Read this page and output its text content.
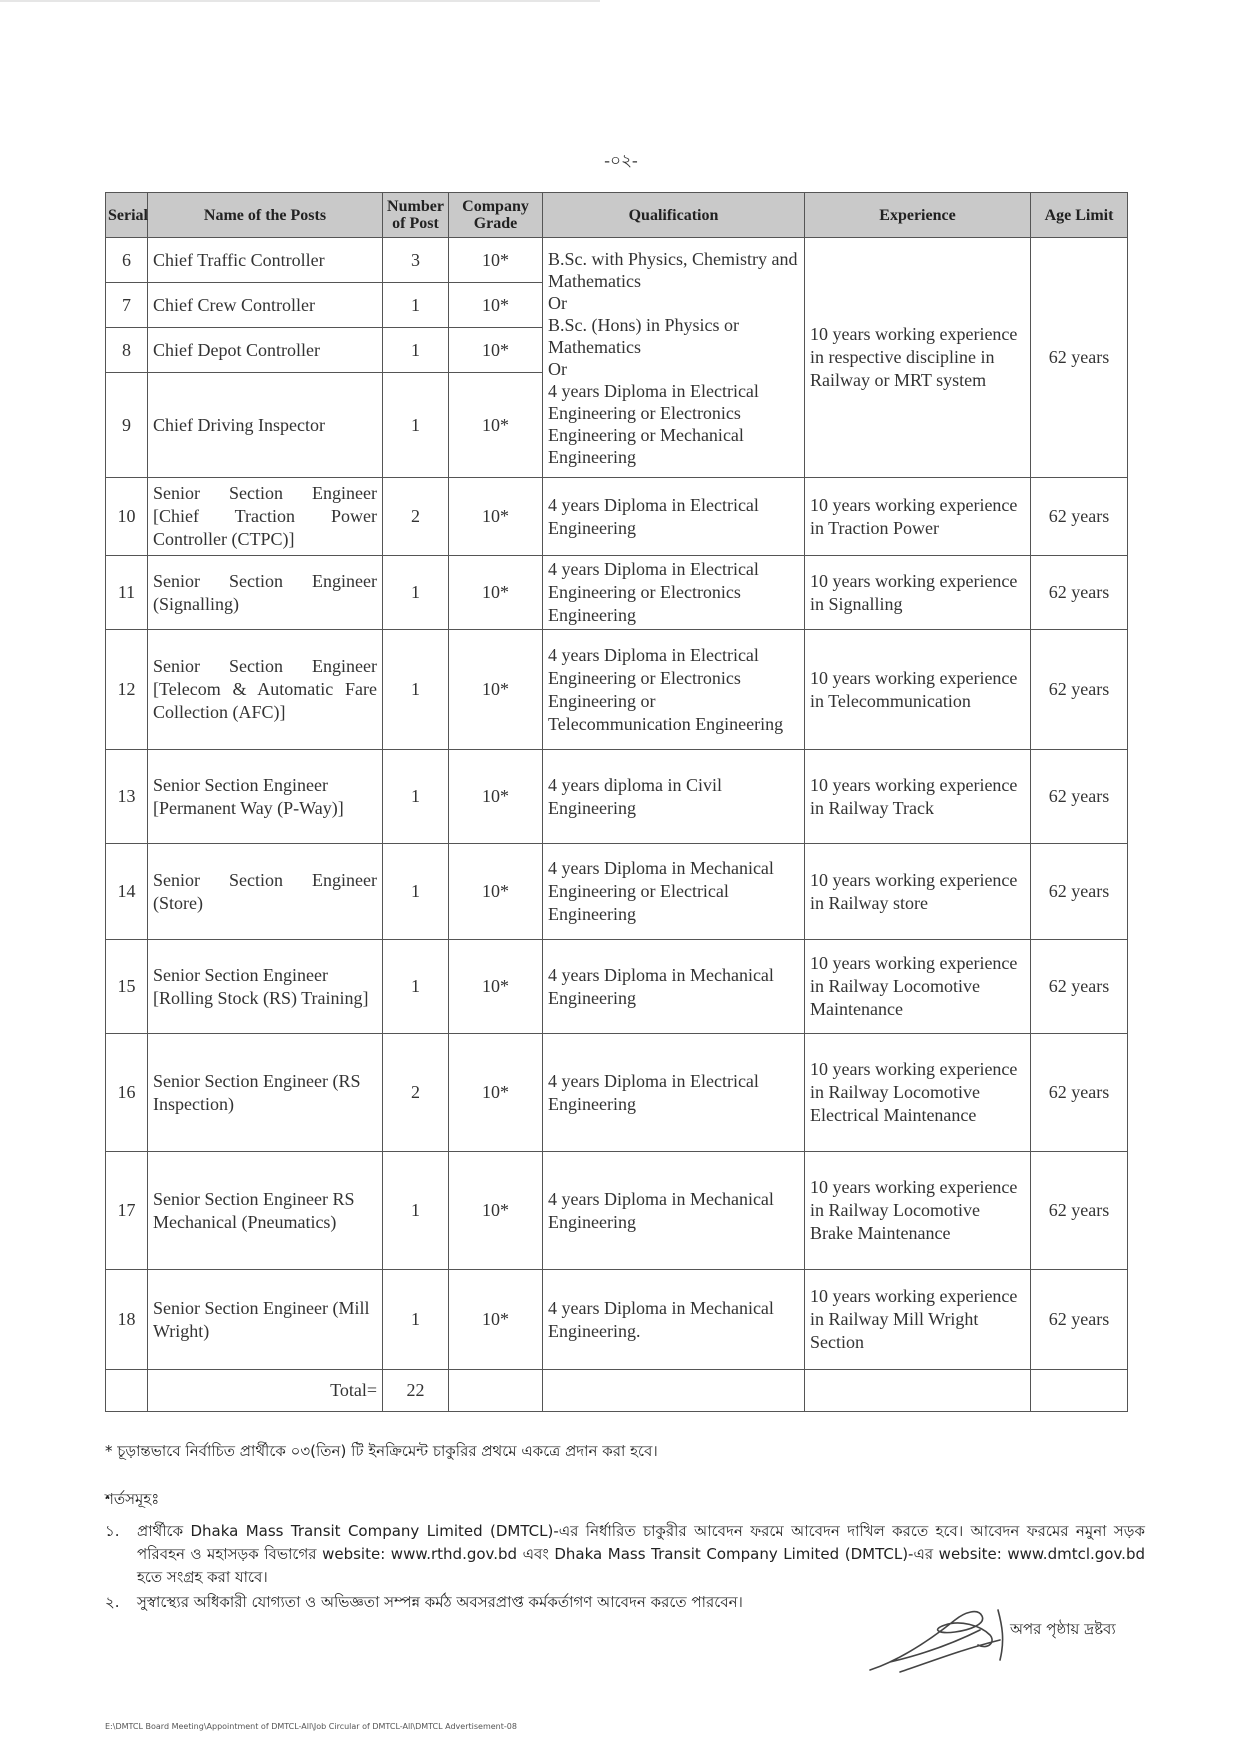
-০২-
Serial	Name of the Posts	Number of Post	Company Grade	Qualification	Experience	Age Limit
6	Chief Traffic Controller	3	10*	B.Sc. with Physics, Chemistry and Mathematics
Or
B.Sc. (Hons) in Physics or Mathematics
Or
4 years Diploma in Electrical Engineering or Electronics Engineering or Mechanical Engineering	10 years working experience in respective discipline in Railway or MRT system	62 years
7	Chief Crew Controller	1	10*			
8	Chief Depot Controller	1	10*			
9	Chief Driving Inspector	1	10*			
10	Senior Section Engineer [Chief Traction Power Controller (CTPC)]	2	10*	4 years Diploma in Electrical Engineering	10 years working experience in Traction Power	62 years
11	Senior Section Engineer (Signalling)	1	10*	4 years Diploma in Electrical Engineering or Electronics Engineering	10 years working experience in Signalling	62 years
12	Senior Section Engineer [Telecom & Automatic Fare Collection (AFC)]	1	10*	4 years Diploma in Electrical Engineering or Electronics Engineering or Telecommunication Engineering	10 years working experience in Telecommunication	62 years
13	Senior Section Engineer [Permanent Way (P-Way)]	1	10*	4 years diploma in Civil Engineering	10 years working experience in Railway Track	62 years
14	Senior Section Engineer (Store)	1	10*	4 years Diploma in Mechanical Engineering or Electrical Engineering	10 years working experience in Railway store	62 years
15	Senior Section Engineer [Rolling Stock (RS) Training]	1	10*	4 years Diploma in Mechanical Engineering	10 years working experience in Railway Locomotive Maintenance	62 years
16	Senior Section Engineer (RS Inspection)	2	10*	4 years Diploma in Electrical Engineering	10 years working experience in Railway Locomotive Electrical Maintenance	62 years
17	Senior Section Engineer RS Mechanical (Pneumatics)	1	10*	4 years Diploma in Mechanical Engineering	10 years working experience in Railway Locomotive Brake Maintenance	62 years
18	Senior Section Engineer (Mill Wright)	1	10*	4 years Diploma in Mechanical Engineering.	10 years working experience in Railway Mill Wright Section	62 years
	Total=	22				
* চূড়ান্তভাবে নির্বাচিত প্রার্থীকে ০৩(তিন) টি ইনক্রিমেন্ট চাকুরির প্রথমে একত্রে প্রদান করা হবে।
শর্তসমূহঃ
১.	প্রার্থীকে Dhaka Mass Transit Company Limited (DMTCL)-এর নির্ধারিত চাকুরীর আবেদন ফরমে আবেদন দাখিল করতে হবে। আবেদন ফরমের নমুনা সড়ক পরিবহন ও মহাসড়ক বিভাগের website: www.rthd.gov.bd এবং Dhaka Mass Transit Company Limited (DMTCL)-এর website: www.dmtcl.gov.bd হতে সংগ্রহ করা যাবে।
২.	সুস্বাস্থ্যের অধিকারী যোগ্যতা ও অভিজ্ঞতা সম্পন্ন কর্মঠ অবসরপ্রাপ্ত কর্মকর্তাগণ আবেদন করতে পারবেন।
অপর পৃষ্ঠায় দ্রষ্টব্য
E:\DMTCL Board Meeting\Appointment of DMTCL-All\Job Circular of DMTCL-All\DMTCL Advertisement-08
